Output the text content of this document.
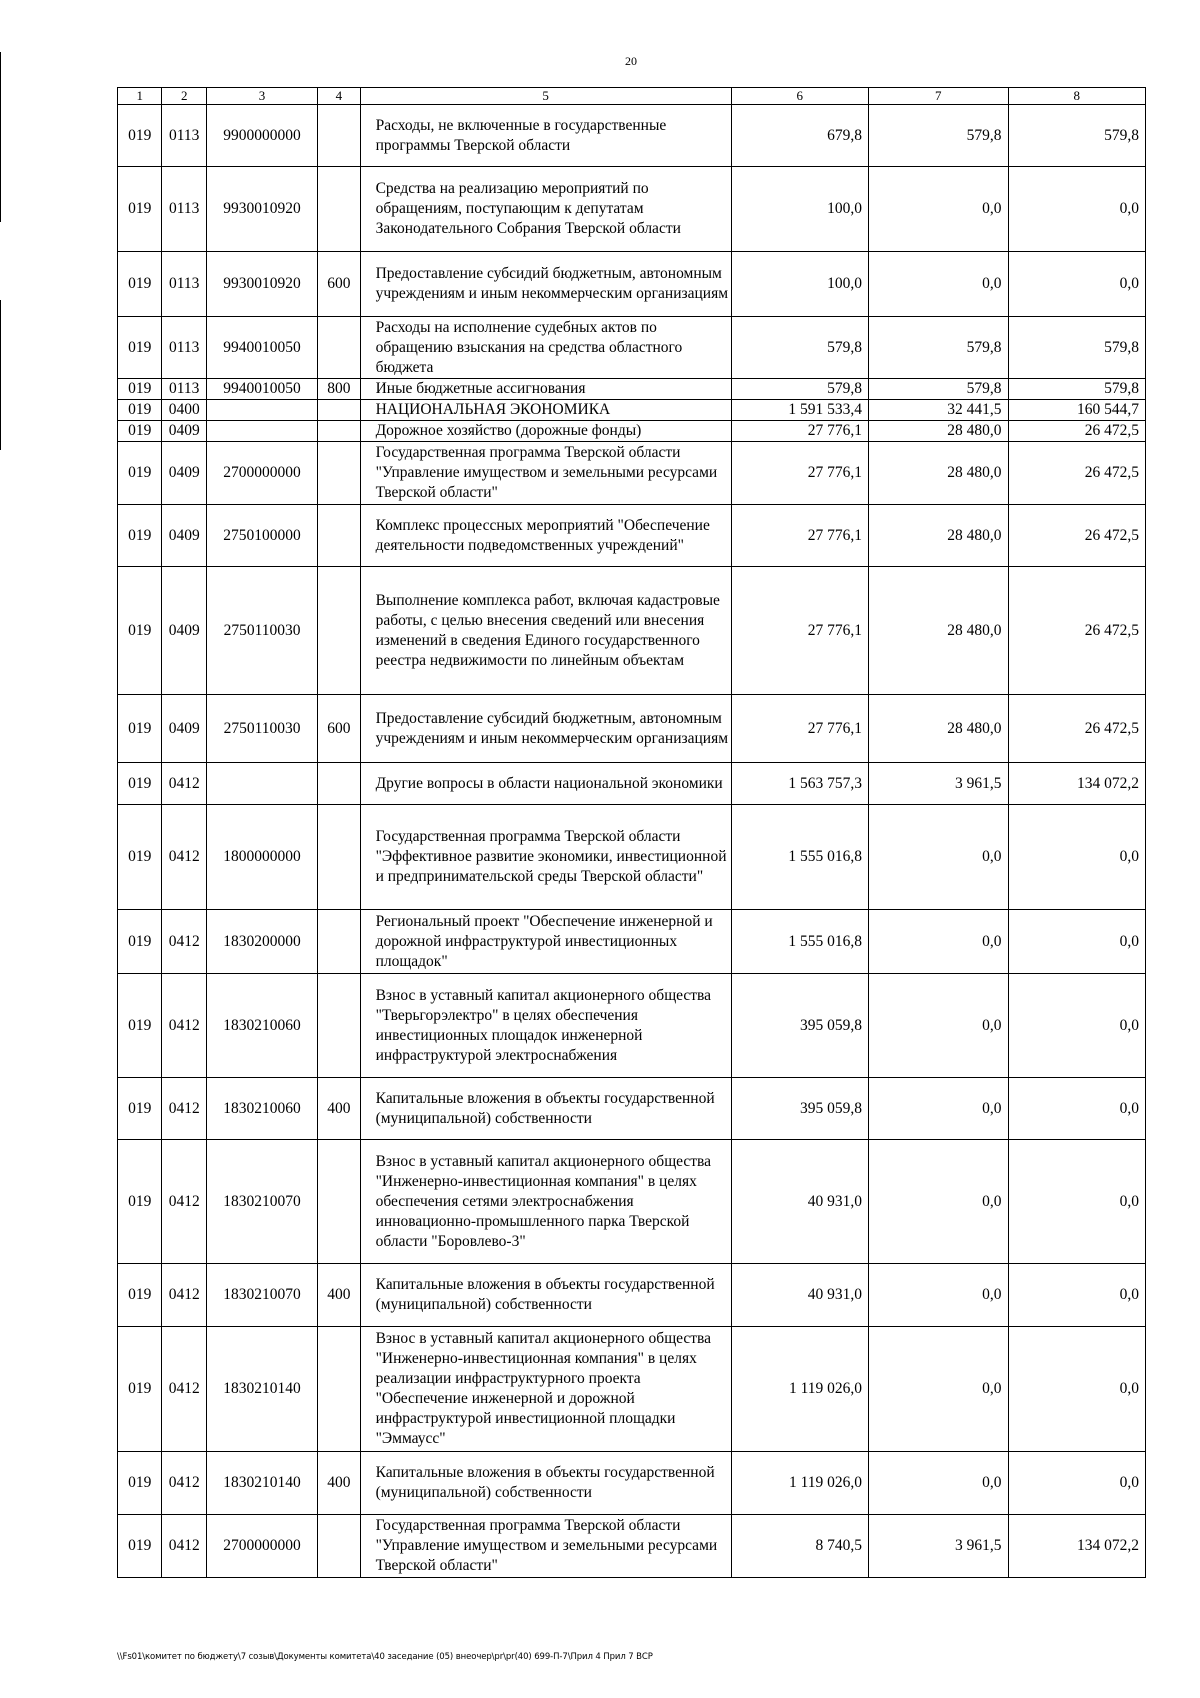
20
1	2	3	4	5	6	7	8
019	0113	9900000000		Расходы, не включенные в государственные программы Тверской области	679,8	579,8	579,8
019	0113	9930010920		Средства на реализацию мероприятий по обращениям, поступающим к депутатам Законодательного Собрания Тверской области	100,0	0,0	0,0
019	0113	9930010920	600	Предоставление субсидий бюджетным, автономным учреждениям и иным некоммерческим организациям	100,0	0,0	0,0
019	0113	9940010050		Расходы на исполнение судебных актов по обращению взыскания на средства областного бюджета	579,8	579,8	579,8
019	0113	9940010050	800	Иные бюджетные ассигнования	579,8	579,8	579,8
019	0400			НАЦИОНАЛЬНАЯ ЭКОНОМИКА	1 591 533,4	32 441,5	160 544,7
019	0409			Дорожное хозяйство (дорожные фонды)	27 776,1	28 480,0	26 472,5
019	0409	2700000000		Государственная программа Тверской области "Управление имуществом и земельными ресурсами Тверской области"	27 776,1	28 480,0	26 472,5
019	0409	2750100000		Комплекс процессных мероприятий "Обеспечение деятельности подведомственных учреждений"	27 776,1	28 480,0	26 472,5
019	0409	2750110030		Выполнение комплекса работ, включая кадастровые работы, с целью внесения сведений или внесения изменений в сведения Единого государственного реестра недвижимости по линейным объектам	27 776,1	28 480,0	26 472,5
019	0409	2750110030	600	Предоставление субсидий бюджетным, автономным учреждениям и иным некоммерческим организациям	27 776,1	28 480,0	26 472,5
019	0412			Другие вопросы в области национальной экономики	1 563 757,3	3 961,5	134 072,2
019	0412	1800000000		Государственная программа Тверской области "Эффективное развитие экономики, инвестиционной и предпринимательской среды Тверской области"	1 555 016,8	0,0	0,0
019	0412	1830200000		Региональный проект "Обеспечение инженерной и дорожной инфраструктурой инвестиционных площадок"	1 555 016,8	0,0	0,0
019	0412	1830210060		Взнос в уставный капитал акционерного общества "Тверьгорэлектро" в целях обеспечения инвестиционных площадок инженерной инфраструктурой электроснабжения	395 059,8	0,0	0,0
019	0412	1830210060	400	Капитальные вложения в объекты государственной (муниципальной) собственности	395 059,8	0,0	0,0
019	0412	1830210070		Взнос в уставный капитал акционерного общества "Инженерно-инвестиционная компания" в целях обеспечения сетями электроснабжения инновационно-промышленного парка Тверской области "Боровлево-3"	40 931,0	0,0	0,0
019	0412	1830210070	400	Капитальные вложения в объекты государственной (муниципальной) собственности	40 931,0	0,0	0,0
019	0412	1830210140		Взнос в уставный капитал акционерного общества "Инженерно-инвестиционная компания" в целях реализации инфраструктурного проекта "Обеспечение инженерной и дорожной инфраструктурой инвестиционной площадки "Эммаусс"	1 119 026,0	0,0	0,0
019	0412	1830210140	400	Капитальные вложения в объекты государственной (муниципальной) собственности	1 119 026,0	0,0	0,0
019	0412	2700000000		Государственная программа Тверской области "Управление имуществом и земельными ресурсами Тверской области"	8 740,5	3 961,5	134 072,2
\\Fs01\комитет по бюджету\7 созыв\Документы комитета\40 заседание (05) внеочер\pr\pr(40) 699-П-7\Прил 4 Прил 7 ВСР
